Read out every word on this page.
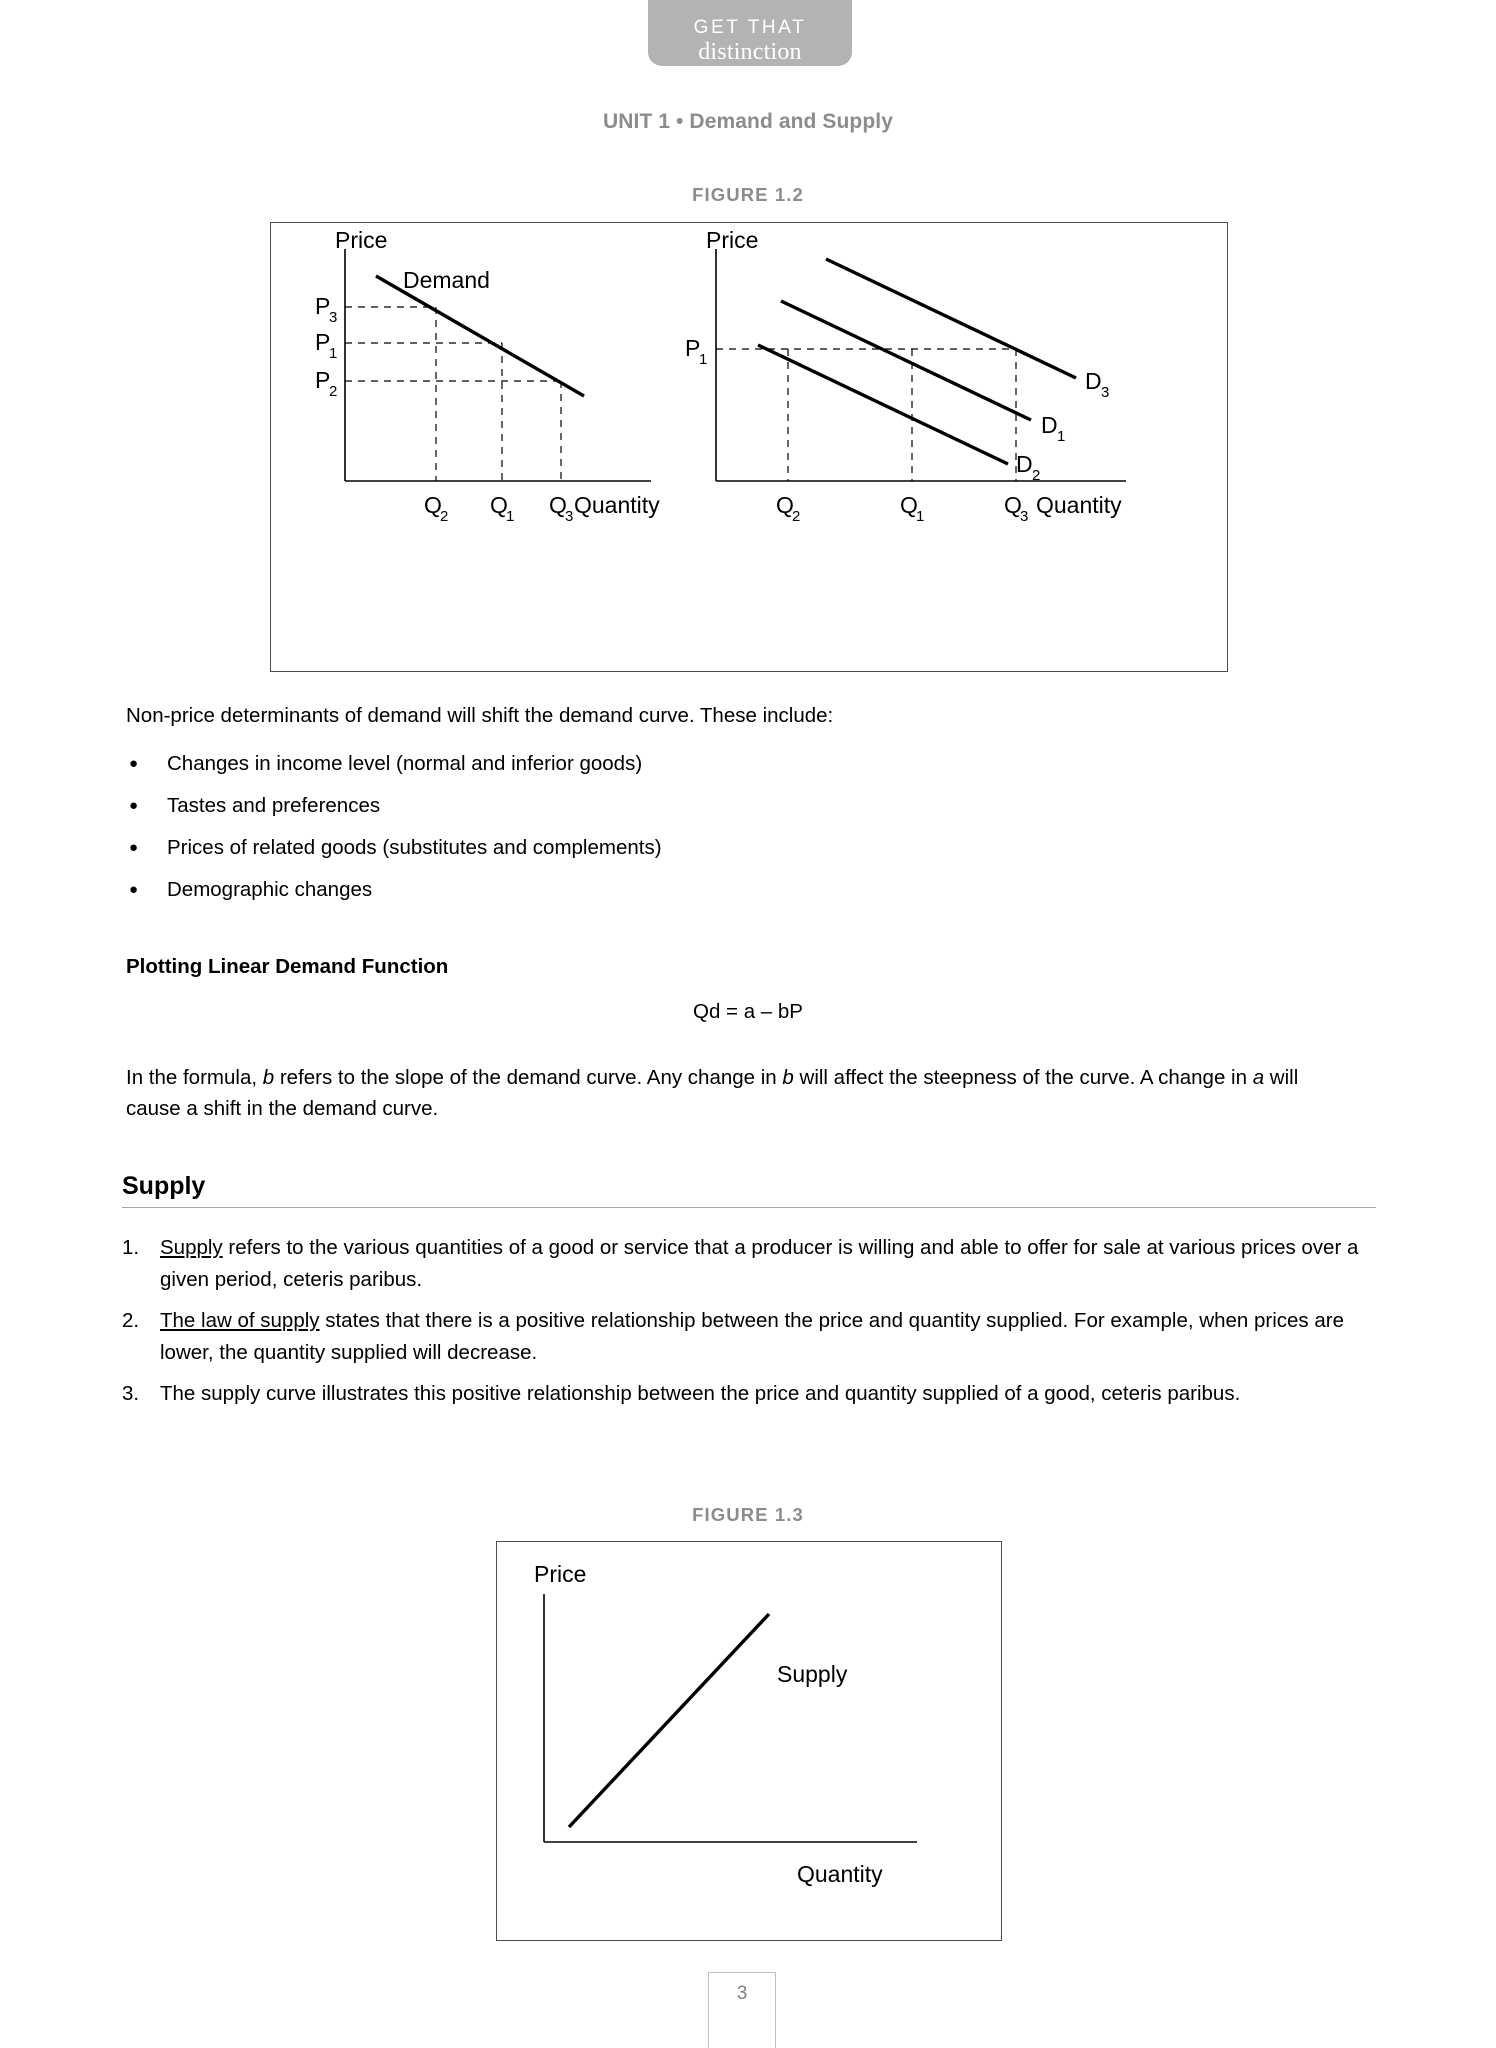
GET THAT
distinction
UNIT 1 • Demand and Supply
FIGURE 1.2
Price
Demand
P
3
P
1
P
2
Q
2 Q
1 Q
3 Quantity
Price
P
1
D 3
D 1
D 2
Q
2	Q
1	Q
3 Quantity
Non-price determinants of demand will shift the demand curve. These include:
●	Changes in income level (normal and inferior goods)
●	Tastes and preferences
●	Prices of related goods (substitutes and complements)
●	Demographic changes
Plotting Linear Demand Function
Qd = a – bP
In the formula, b refers to the slope of the demand curve. Any change in b will affect the steepness of the curve. A change in a will cause a shift in the demand curve.
Supply
1.	Supply refers to the various quantities of a good or service that a producer is willing and able to offer for sale at various prices over a given period, ceteris paribus.
2.	The law of supply states that there is a positive relationship between the price and quantity supplied. For example, when prices are lower, the quantity supplied will decrease.
3.	The supply curve illustrates this positive relationship between the price and quantity supplied of a good, ceteris paribus.
FIGURE 1.3
Price
Supply
Quantity
3
